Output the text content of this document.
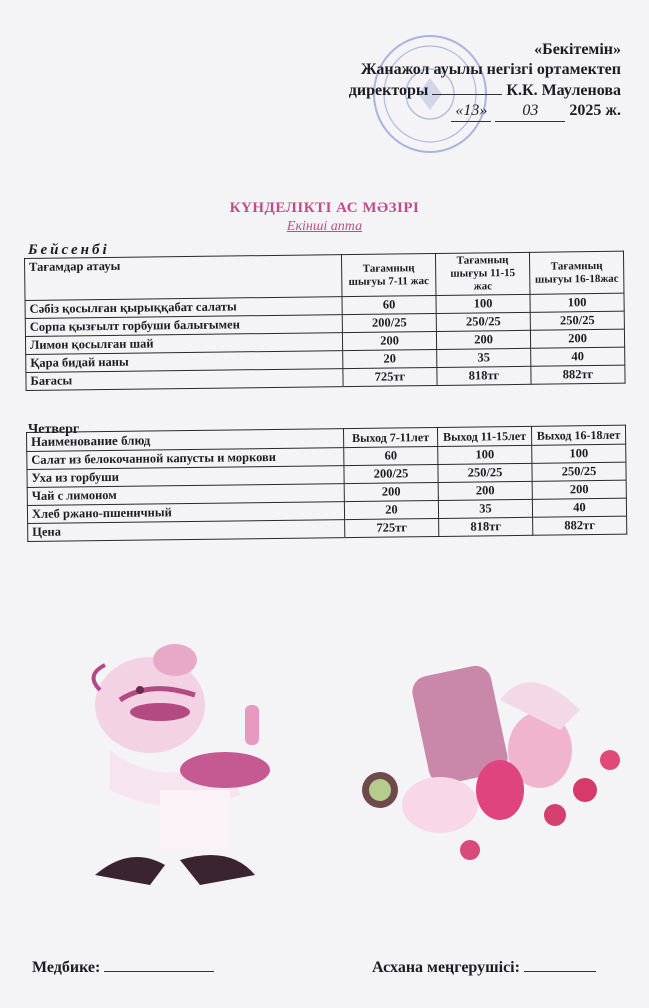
«Бекітемін»
Жанажол ауылы негізгі ортамектеп
директоры	К.К. Мауленова
«13» 03 2025 ж.
КҮНДЕЛІКТІ АС МӘЗІРІ
Екінші апта
Бейсенбі
Тағамдар атауы	Тағамның шығуы 7-11 жас	Тағамның шығуы 11-15 жас	Тағамның шығуы 16-18жас
Сәбіз қосылған қырыққабат салаты	60	100	100
Сорпа қызғылт горбуши балығымен	200/25	250/25	250/25
Лимон қосылған шай	200	200	200
Қара бидай наны	20	35	40
Бағасы	725тг	818тг	882тг
Четверг
Наименование блюд	Выход 7-11лет	Выход 11-15лет	Выход 16-18лет
Салат из белокочанной капусты и моркови	60	100	100
Уха из горбуши	200/25	250/25	250/25
Чай с лимоном	200	200	200
Хлеб ржано-пшеничный	20	35	40
Цена	725тг	818тг	882тг
Медбике:	Асхана меңгерушісі:
